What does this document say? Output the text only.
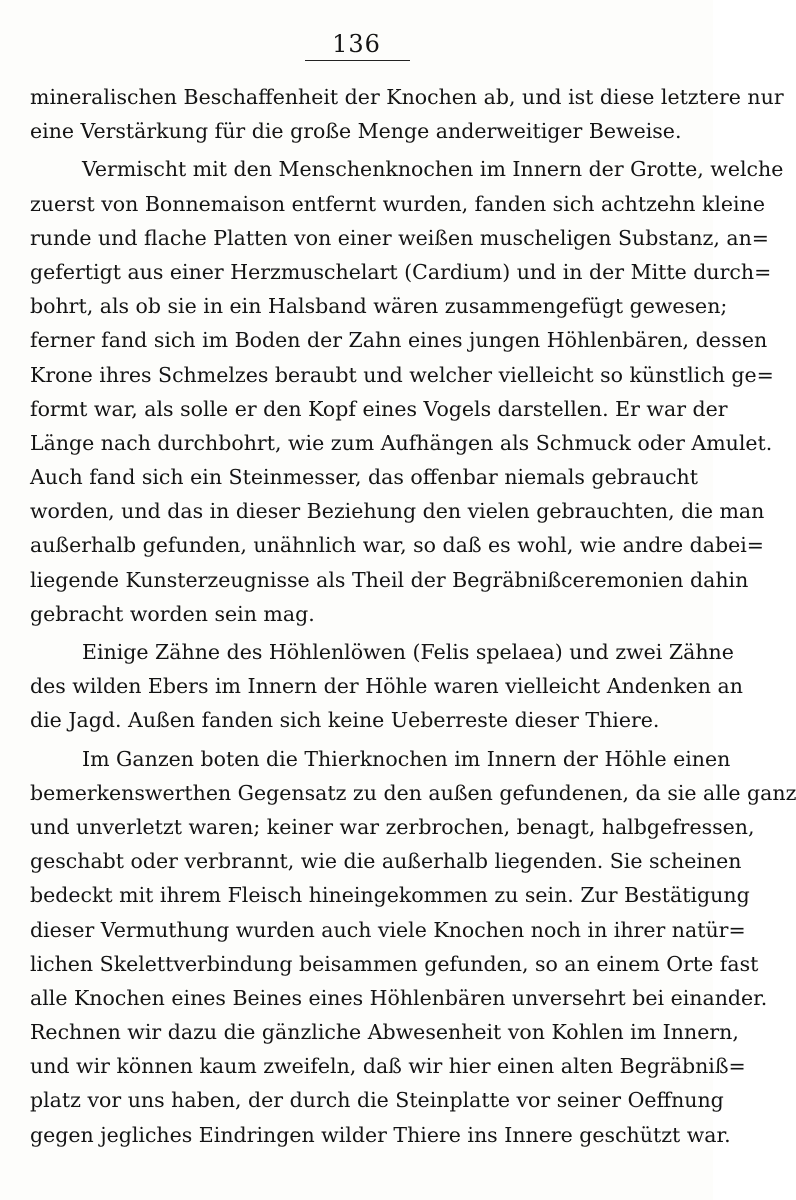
136
mineralischen Beschaffenheit der Knochen ab, und ist diese letztere nur
eine Verstärkung für die große Menge anderweitiger Beweise.
Vermischt mit den Menschenknochen im Innern der Grotte, welche
zuerst von Bonnemaison entfernt wurden, fanden sich achtzehn kleine
runde und flache Platten von einer weißen muscheligen Substanz, an=
gefertigt aus einer Herzmuschelart (Cardium) und in der Mitte durch=
bohrt, als ob sie in ein Halsband wären zusammengefügt gewesen;
ferner fand sich im Boden der Zahn eines jungen Höhlenbären, dessen
Krone ihres Schmelzes beraubt und welcher vielleicht so künstlich ge=
formt war, als solle er den Kopf eines Vogels darstellen. Er war der
Länge nach durchbohrt, wie zum Aufhängen als Schmuck oder Amulet.
Auch fand sich ein Steinmesser, das offenbar niemals gebraucht
worden, und das in dieser Beziehung den vielen gebrauchten, die man
außerhalb gefunden, unähnlich war, so daß es wohl, wie andre dabei=
liegende Kunsterzeugnisse als Theil der Begräbnißceremonien dahin
gebracht worden sein mag.
Einige Zähne des Höhlenlöwen (Felis spelaea) und zwei Zähne
des wilden Ebers im Innern der Höhle waren vielleicht Andenken an
die Jagd. Außen fanden sich keine Ueberreste dieser Thiere.
Im Ganzen boten die Thierknochen im Innern der Höhle einen
bemerkenswerthen Gegensatz zu den außen gefundenen, da sie alle ganz
und unverletzt waren; keiner war zerbrochen, benagt, halbgefressen,
geschabt oder verbrannt, wie die außerhalb liegenden. Sie scheinen
bedeckt mit ihrem Fleisch hineingekommen zu sein. Zur Bestätigung
dieser Vermuthung wurden auch viele Knochen noch in ihrer natür=
lichen Skelettverbindung beisammen gefunden, so an einem Orte fast
alle Knochen eines Beines eines Höhlenbären unversehrt bei einander.
Rechnen wir dazu die gänzliche Abwesenheit von Kohlen im Innern,
und wir können kaum zweifeln, daß wir hier einen alten Begräbniß=
platz vor uns haben, der durch die Steinplatte vor seiner Oeffnung
gegen jegliches Eindringen wilder Thiere ins Innere geschützt war.
